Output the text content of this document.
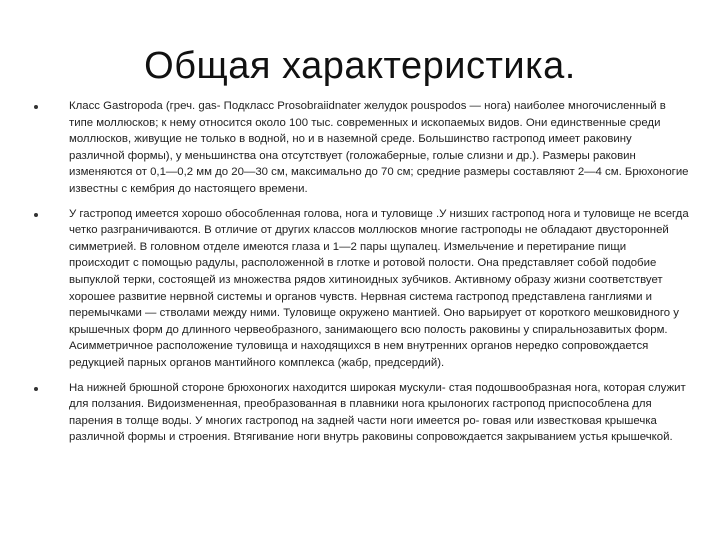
Общая характеристика.
Класс Gastropoda (греч. gas- Подкласс Prosobraiidnater желудок pouspodos — нога) наиболее многочисленный в типе моллюсков; к нему относится около 100 тыс. современных и ископаемых видов. Они единственные среди моллюсков, живущие не только в водной, но и в наземной среде. Большинство гастропод имеет раковину различной формы), у меньшинства она отсутствует (голожаберные, голые слизни и др.). Размеры раковин изменяются от 0,1—0,2 мм до 20—30 см, максимально до 70 см; средние размеры составляют 2—4 см. Брюхоногие известны с кембрия до настоящего времени.
У гастропод имеется хорошо обособленная голова, нога и туловище .У низших гастропод нога и туловище не всегда четко разграничиваются. В отличие от других классов моллюсков многие гастроподы не обладают двусторонней симметрией. В головном отделе имеются глаза и 1—2 пары щупалец. Измельчение и перетирание пищи происходит с помощью радулы, расположенной в глотке и ротовой полости. Она представляет собой подобие выпуклой терки, состоящей из множества рядов хитиноидных зубчиков. Активному образу жизни соответствует хорошее развитие нервной системы и органов чувств. Нервная система гастропод представлена ганглиями и перемычками — стволами между ними. Туловище окружено мантией. Оно варьирует от короткого мешковидного у крышечных форм до длинного червеобразного, занимающего всю полость раковины у спиральнозавитых форм. Асимметричное расположение туловища и находящихся в нем внутренних органов нередко сопровождается редукцией парных органов мантийного комплекса (жабр, предсердий).
На нижней брюшной стороне брюхоногих находится широкая мускули- стая подошвообразная нога, которая служит для ползания. Видоизмененная, преобразованная в плавники нога крылоногих гастропод приспособлена для парения в толще воды. У многих гастропод на задней части ноги имеется ро- говая или известковая крышечка различной формы и строения. Втягивание ноги внутрь раковины сопровождается закрыванием устья крышечкой.
